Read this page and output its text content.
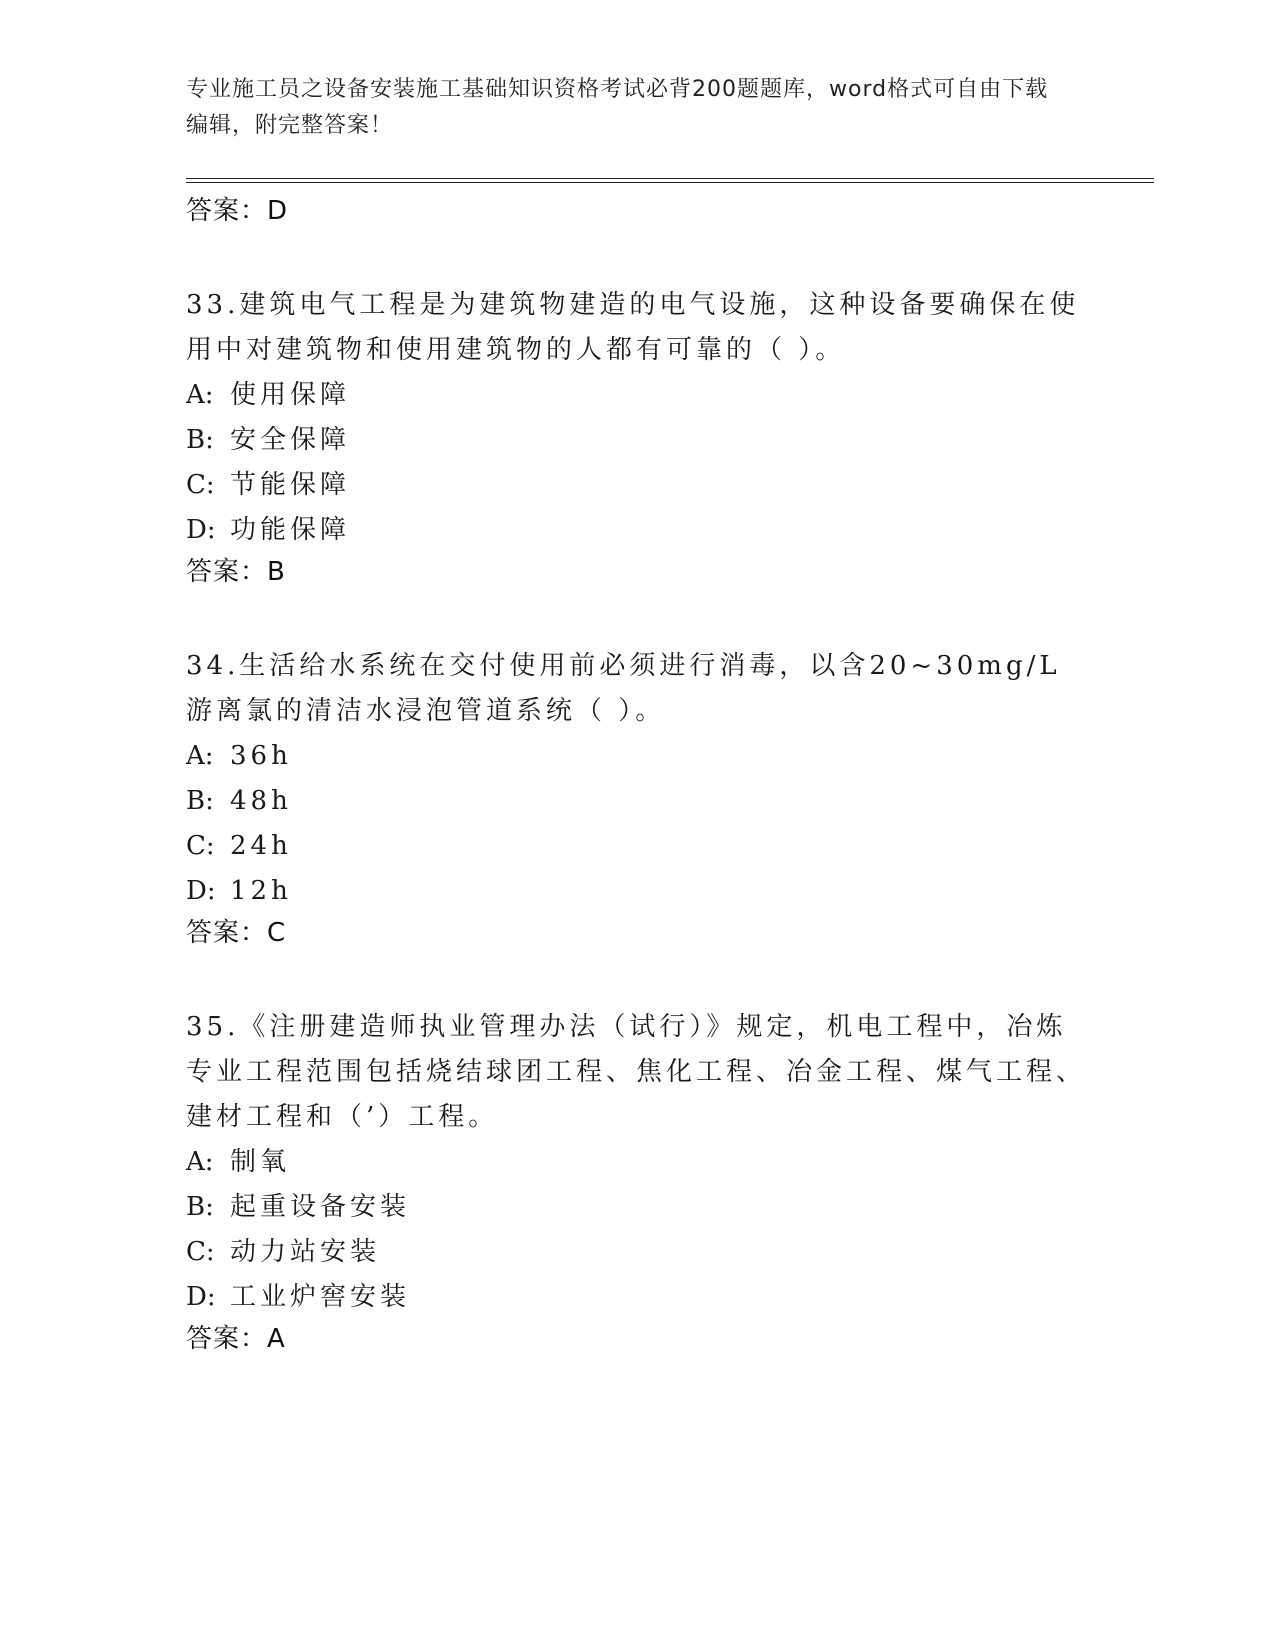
专业施工员之设备安装施工基础知识资格考试必背200题题库，word格式可自由下载编辑，附完整答案！
答案：D

33.建筑电气工程是为建筑物建造的电气设施，这种设备要确保在使用中对建筑物和使用建筑物的人都有可靠的（ ）。

A: 使用保障
B: 安全保障
C: 节能保障
D: 功能保障
答案：B

34.生活给水系统在交付使用前必须进行消毒，以含20~30mg/L游离氯的清洁水浸泡管道系统（ ）。

A: 36h
B: 48h
C: 24h
D: 12h
答案：C

35.《注册建造师执业管理办法（试行）》规定，机电工程中，冶炼专业工程范围包括烧结球团工程、焦化工程、冶金工程、煤气工程、建材工程和（’）工程。

A: 制氧
B: 起重设备安装
C: 动力站安装
D: 工业炉窖安装
答案：A
